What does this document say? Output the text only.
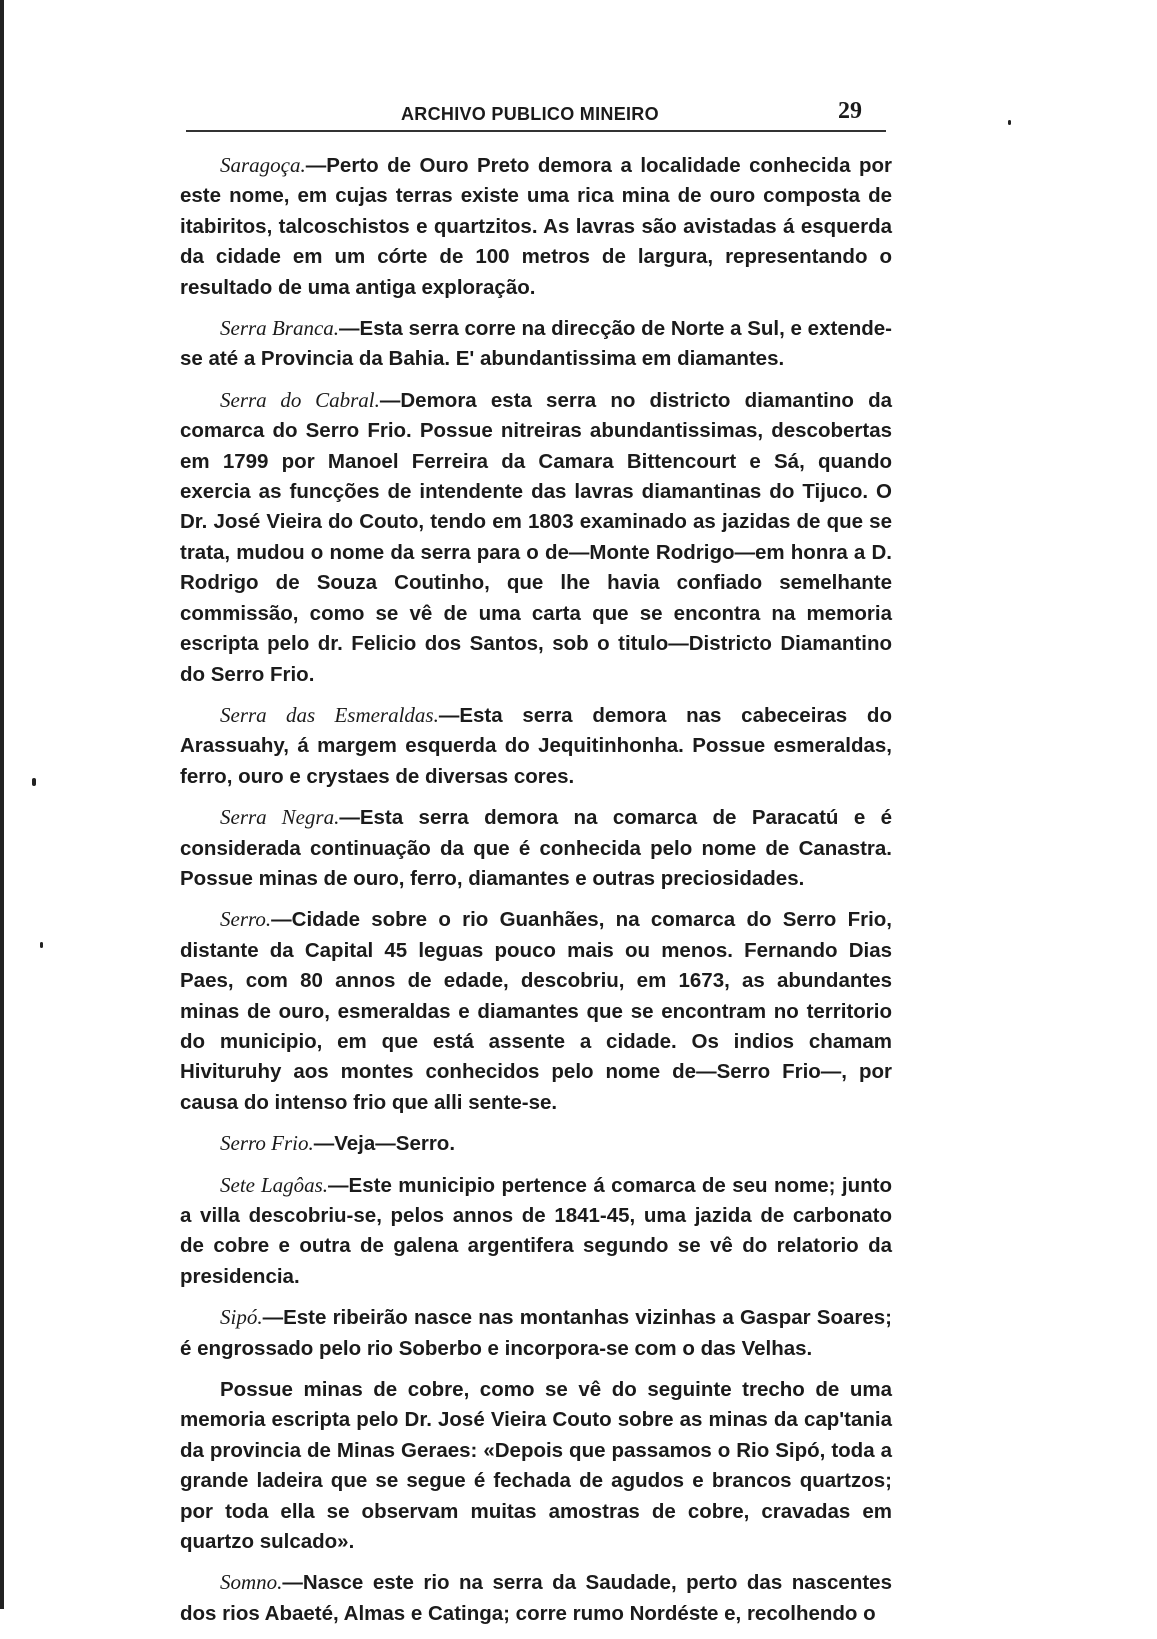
ARCHIVO PUBLICO MINEIRO	29

Saragoça.—Perto de Ouro Preto demora a localidade conhecida por este nome, em cujas terras existe uma rica mina de ouro composta de itabiritos, talcoschistos e quartzitos. As lavras são avistadas á esquerda da cidade em um córte de 100 metros de largura, representando o resultado de uma antiga exploração.

Serra Branca.—Esta serra corre na direcção de Norte a Sul, e extende-se até a Provincia da Bahia. E' abundantissima em diamantes.

Serra do Cabral.—Demora esta serra no districto diamantino da comarca do Serro Frio. Possue nitreiras abundantissimas, descobertas em 1799 por Manoel Ferreira da Camara Bittencourt e Sá, quando exercia as funcções de intendente das lavras diamantinas do Tijuco. O Dr. José Vieira do Couto, tendo em 1803 examinado as jazidas de que se trata, mudou o nome da serra para o de—Monte Rodrigo—em honra a D. Rodrigo de Souza Coutinho, que lhe havia confiado semelhante commissão, como se vê de uma carta que se encontra na memoria escripta pelo dr. Felicio dos Santos, sob o titulo—Districto Diamantino do Serro Frio.

Serra das Esmeraldas.—Esta serra demora nas cabeceiras do Arassuahy, á margem esquerda do Jequitinhonha. Possue esmeraldas, ferro, ouro e crystaes de diversas cores.

Serra Negra.—Esta serra demora na comarca de Paracatú e é considerada continuação da que é conhecida pelo nome de Canastra. Possue minas de ouro, ferro, diamantes e outras preciosidades.

Serro.—Cidade sobre o rio Guanhães, na comarca do Serro Frio, distante da Capital 45 leguas pouco mais ou menos. Fernando Dias Paes, com 80 annos de edade, descobriu, em 1673, as abundantes minas de ouro, esmeraldas e diamantes que se encontram no territorio do municipio, em que está assente a cidade. Os indios chamam Hivituruhy aos montes conhecidos pelo nome de—Serro Frio—, por causa do intenso frio que alli sente-se.

Serro Frio.—Veja—Serro.

Sete Lagôas.—Este municipio pertence á comarca de seu nome; junto a villa descobriu-se, pelos annos de 1841-45, uma jazida de carbonato de cobre e outra de galena argentifera segundo se vê do relatorio da presidencia.

Sipó.—Este ribeirão nasce nas montanhas vizinhas a Gaspar Soares; é engrossado pelo rio Soberbo e incorpora-se com o das Velhas.

Possue minas de cobre, como se vê do seguinte trecho de uma memoria escripta pelo Dr. José Vieira Couto sobre as minas da cap'tania da provincia de Minas Geraes: «Depois que passamos o Rio Sipó, toda a grande ladeira que se segue é fechada de agudos e brancos quartzos; por toda ella se observam muitas amostras de cobre, cravadas em quartzo sulcado».

Somno.—Nasce este rio na serra da Saudade, perto das nascentes dos rios Abaeté, Almas e Catinga; corre rumo Nordéste e, recolhendo o
